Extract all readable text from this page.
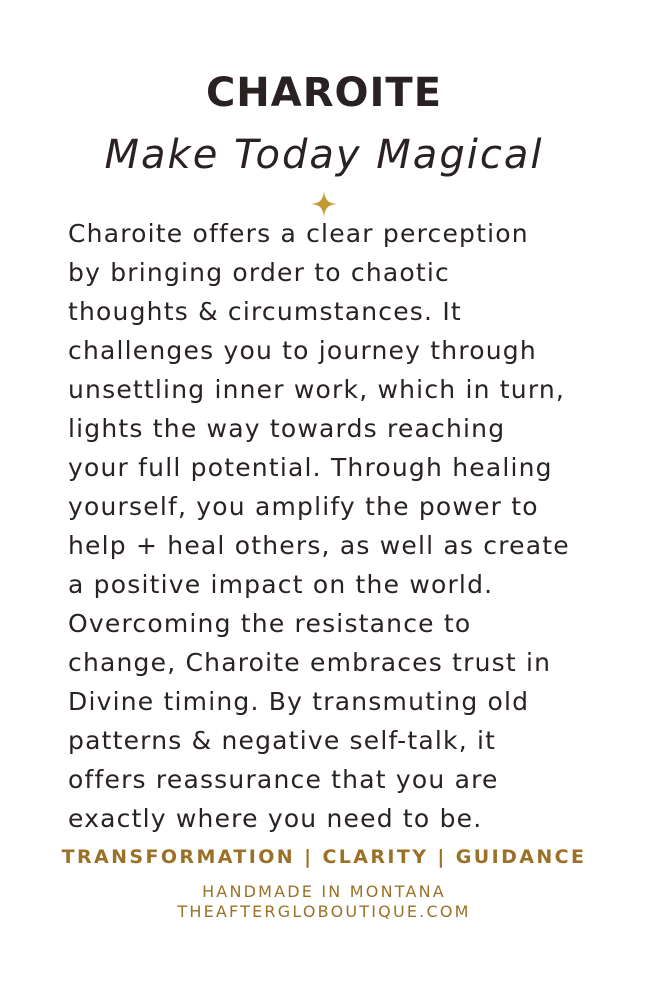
CHAROITE
Make Today Magical
Charoite offers a clear perception
by bringing order to chaotic
thoughts & circumstances. It
challenges you to journey through
unsettling inner work, which in turn,
lights the way towards reaching
your full potential. Through healing
yourself, you amplify the power to
help + heal others, as well as create
a positive impact on the world.
Overcoming the resistance to
change, Charoite embraces trust in
Divine timing. By transmuting old
patterns & negative self-talk, it
offers reassurance that you are
exactly where you need to be.
TRANSFORMATION | CLARITY | GUIDANCE
HANDMADE IN MONTANA
THEAFTERGLOBOUTIQUE.COM
